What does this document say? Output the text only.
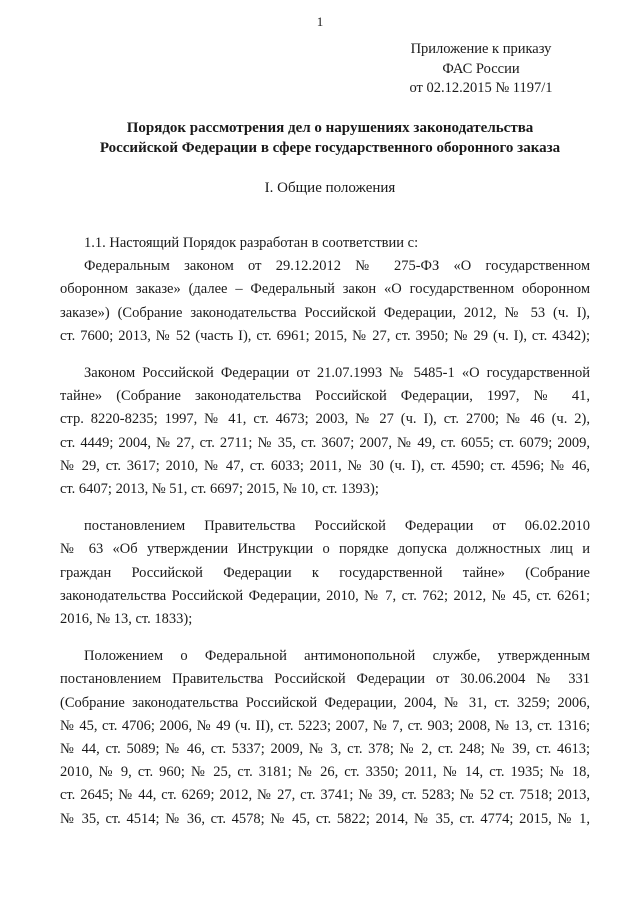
1
Приложение к приказу
ФАС России
от 02.12.2015 № 1197/1
Порядок рассмотрения дел о нарушениях законодательства
Российской Федерации в сфере государственного оборонного заказа
I. Общие положения

1.1. Настоящий Порядок разработан в соответствии с:

Федеральным законом от 29.12.2012 № 275-ФЗ «О государственном
оборонном заказе» (далее – Федеральный закон «О государственном оборонном
заказе») (Собрание законодательства Российской Федерации, 2012, № 53 (ч. I),
ст. 7600; 2013, № 52 (часть I), ст. 6961; 2015, № 27, ст. 3950; № 29 (ч. I), ст. 4342);

Законом Российской Федерации от 21.07.1993 № 5485-1 «О государственной
тайне» (Собрание законодательства Российской Федерации, 1997, № 41,
стр. 8220-8235; 1997, № 41, ст. 4673; 2003, № 27 (ч. I), ст. 2700; № 46 (ч. 2),
ст. 4449; 2004, № 27, ст. 2711; № 35, ст. 3607; 2007, № 49, ст. 6055; ст. 6079; 2009,
№ 29, ст. 3617; 2010, № 47, ст. 6033; 2011, № 30 (ч. I), ст. 4590; ст. 4596; № 46,
ст. 6407; 2013, № 51, ст. 6697; 2015, № 10, ст. 1393);

постановлением Правительства Российской Федерации от 06.02.2010
№ 63 «Об утверждении Инструкции о порядке допуска должностных лиц и
граждан Российской Федерации к государственной тайне» (Собрание
законодательства Российской Федерации, 2010, № 7, ст. 762; 2012, № 45, ст. 6261;
2016, № 13, ст. 1833);

Положением о Федеральной антимонопольной службе, утвержденным
постановлением Правительства Российской Федерации от 30.06.2004 № 331
(Собрание законодательства Российской Федерации, 2004, № 31, ст. 3259; 2006,
№ 45, ст. 4706; 2006, № 49 (ч. II), ст. 5223; 2007, № 7, ст. 903; 2008, № 13, ст. 1316;
№ 44, ст. 5089; № 46, ст. 5337; 2009, № 3, ст. 378; № 2, ст. 248; № 39, ст. 4613;
2010, № 9, ст. 960; № 25, ст. 3181; № 26, ст. 3350; 2011, № 14, ст. 1935; № 18,
ст. 2645; № 44, ст. 6269; 2012, № 27, ст. 3741; № 39, ст. 5283; № 52 ст. 7518; 2013,
№ 35, ст. 4514; № 36, ст. 4578; № 45, ст. 5822; 2014, № 35, ст. 4774; 2015, № 1,
